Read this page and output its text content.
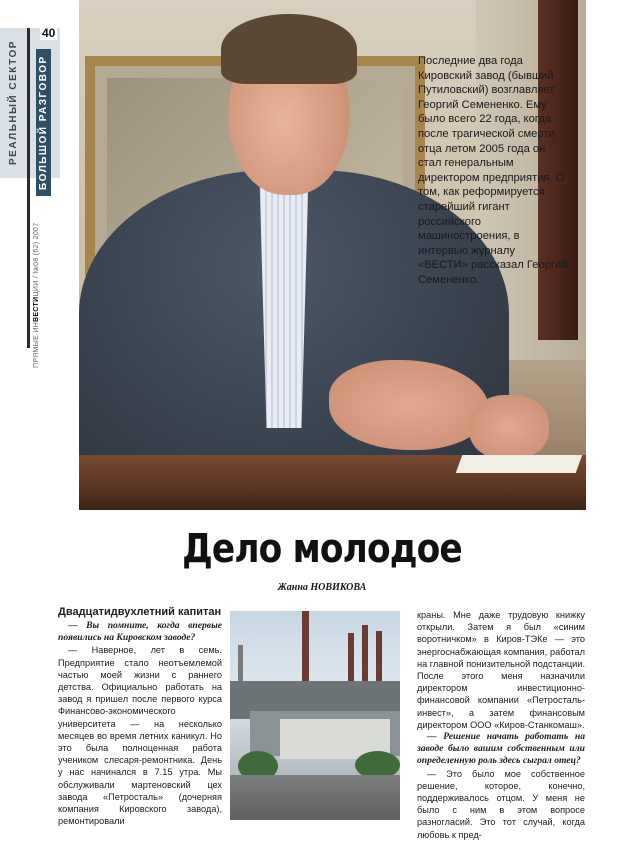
40
РЕАЛЬНЫЙ СЕКТОР БОЛЬШОЙ РАЗГОВОР
ПРЯМЫЕ ИНВЕСТИЦИИ / №08 (62) 2007
Последние два года Кировский завод (бывший Путиловский) возглавляет Георгий Семененко. Ему было всего 22 года, когда после трагической смерти отца летом 2005 года он стал генеральным директором предприятия. О том, как реформируется старейший гигант российского машиностроения, в интервью журналу «ВЕСТИ» рассказал Георгий Семененко.
Дело молодое
Жанна НОВИКОВА
Двадцатидвухлетний капитан

— Вы помните, когда впервые появились на Кировском заводе?

— Наверное, лет в семь. Предприятие стало неотъемлемой частью моей жизни с раннего детства. Официально работать на завод я пришел после первого курса Финансово-экономического университета — на несколько месяцев во время летних каникул. Но это была полноценная работа учеником слесаря-ремонтника. День у нас начинался в 7.15 утра. Мы обслуживали мартеновский цех завода «Петросталь» (дочерняя компания Кировского завода), ремонтировали

краны. Мне даже трудовую книжку открыли. Затем я был «синим воротничком» в Киров-ТЭКе — это энергоснабжающая компания, работал на главной понизительной подстанции. После этого меня назначили директором инвестиционно-финансовой компании «Петросталь-инвест», а затем финансовым директором ООО «Киров-Станкомаш».

— Решение начать работать на заводе было вашим собственным или определенную роль здесь сыграл отец?

— Это было мое собственное решение, которое, конечно, поддерживалось отцом. У меня не было с ним в этом вопросе разногласий. Это тот случай, когда любовь к пред-
